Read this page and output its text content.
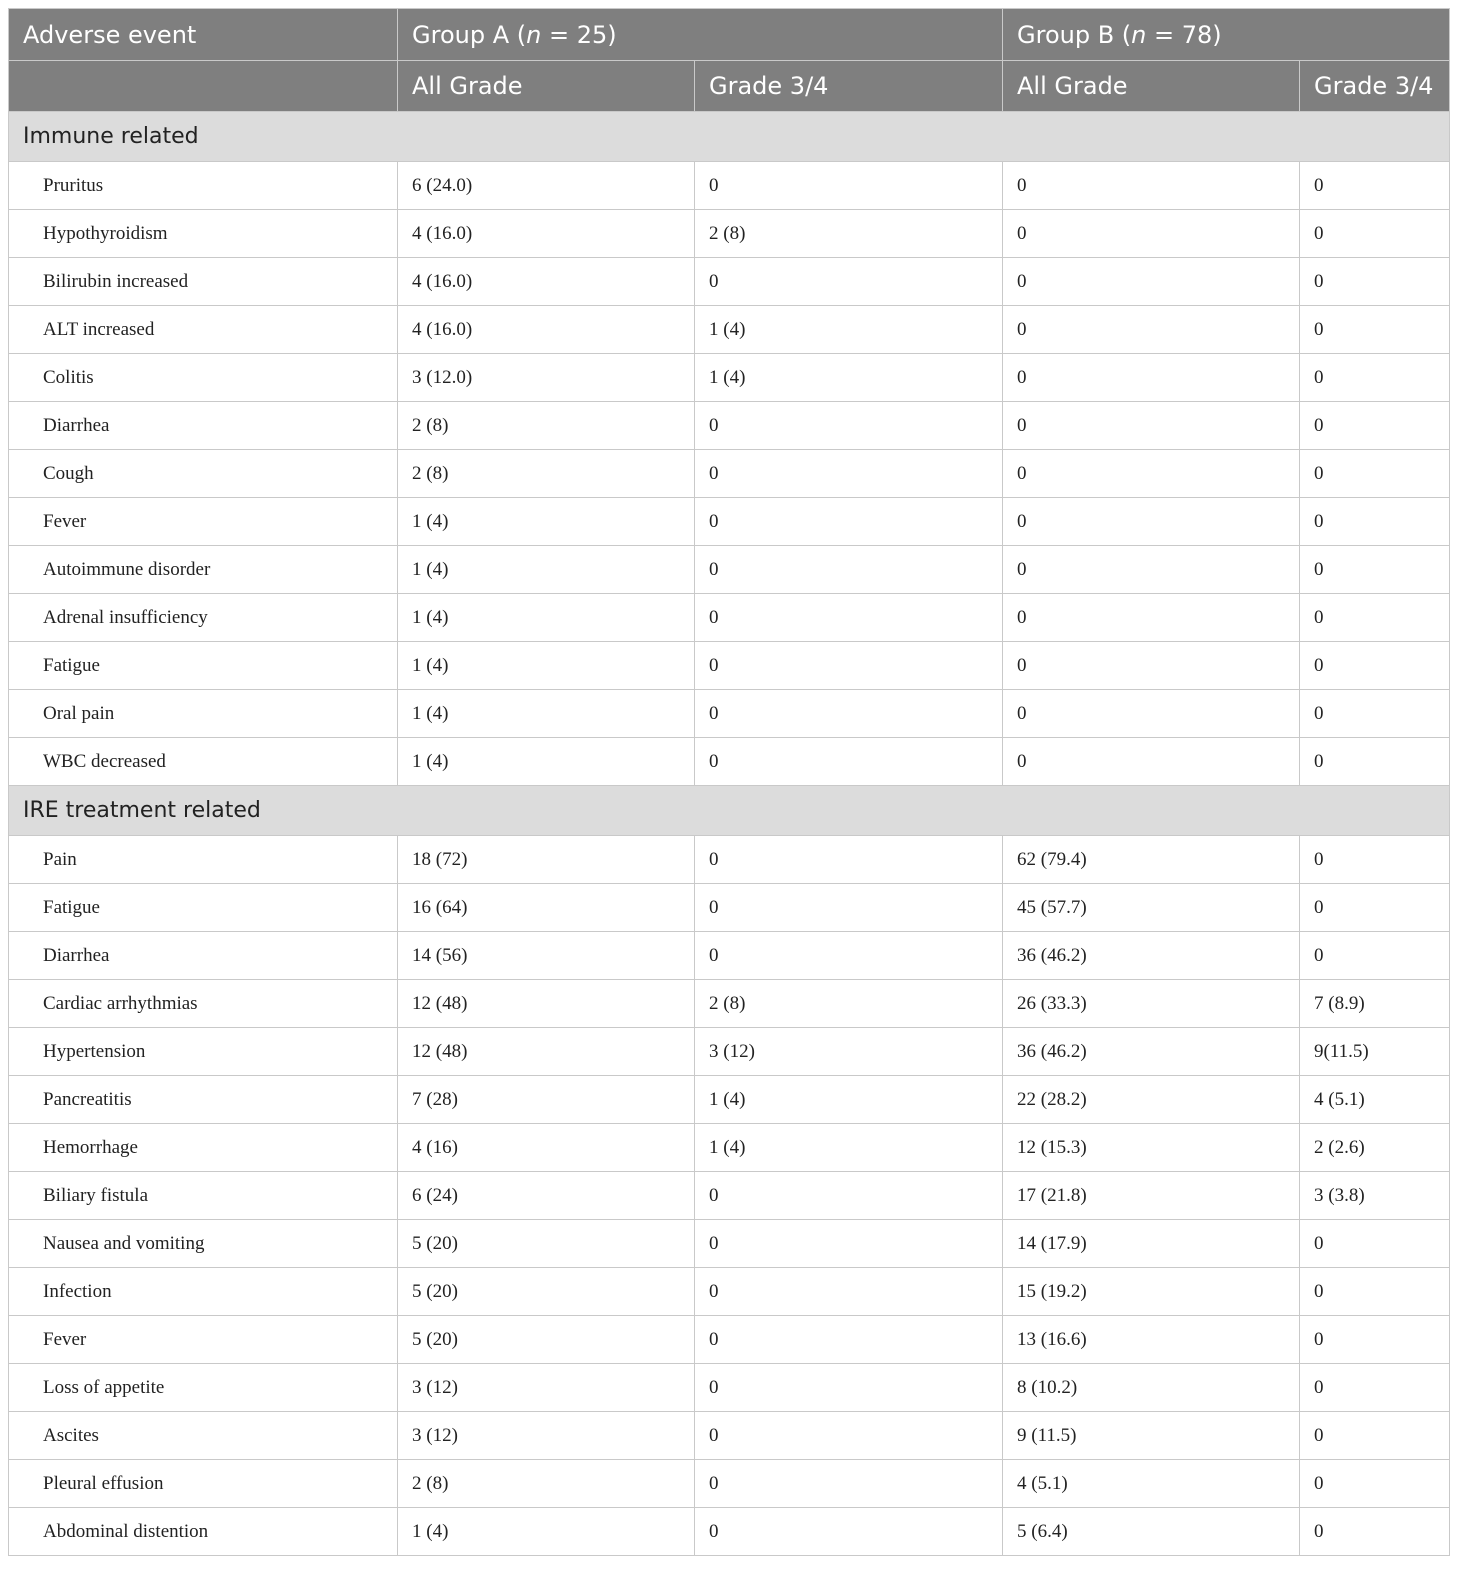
Adverse event	Group A (n = 25)		Group B (n = 78)	
	All Grade	Grade 3/4	All Grade	Grade 3/4
Immune related				
Pruritus	6 (24.0)	0	0	0
Hypothyroidism	4 (16.0)	2 (8)	0	0
Bilirubin increased	4 (16.0)	0	0	0
ALT increased	4 (16.0)	1 (4)	0	0
Colitis	3 (12.0)	1 (4)	0	0
Diarrhea	2 (8)	0	0	0
Cough	2 (8)	0	0	0
Fever	1 (4)	0	0	0
Autoimmune disorder	1 (4)	0	0	0
Adrenal insufficiency	1 (4)	0	0	0
Fatigue	1 (4)	0	0	0
Oral pain	1 (4)	0	0	0
WBC decreased	1 (4)	0	0	0
IRE treatment related				
Pain	18 (72)	0	62 (79.4)	0
Fatigue	16 (64)	0	45 (57.7)	0
Diarrhea	14 (56)	0	36 (46.2)	0
Cardiac arrhythmias	12 (48)	2 (8)	26 (33.3)	7 (8.9)
Hypertension	12 (48)	3 (12)	36 (46.2)	9(11.5)
Pancreatitis	7 (28)	1 (4)	22 (28.2)	4 (5.1)
Hemorrhage	4 (16)	1 (4)	12 (15.3)	2 (2.6)
Biliary fistula	6 (24)	0	17 (21.8)	3 (3.8)
Nausea and vomiting	5 (20)	0	14 (17.9)	0
Infection	5 (20)	0	15 (19.2)	0
Fever	5 (20)	0	13 (16.6)	0
Loss of appetite	3 (12)	0	8 (10.2)	0
Ascites	3 (12)	0	9 (11.5)	0
Pleural effusion	2 (8)	0	4 (5.1)	0
Abdominal distention	1 (4)	0	5 (6.4)	0
